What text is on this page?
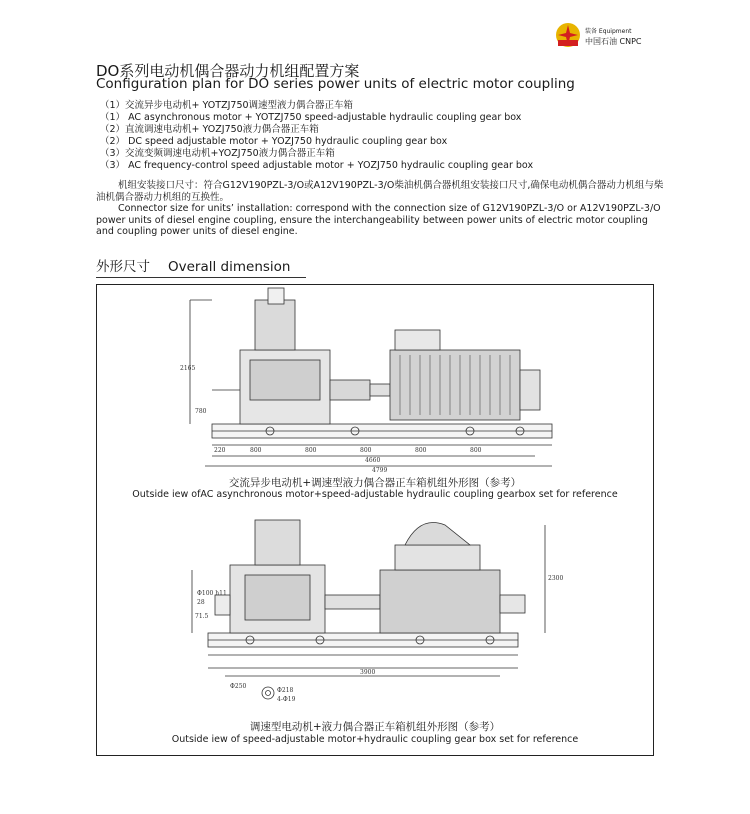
装备 Equipment
中国石油 CNPC
DO系列电动机偶合器动力机组配置方案
Configuration plan for DO series power units of electric motor coupling
（1）交流异步电动机+ YOTZJ750调速型液力偶合器正车箱
（1） AC asynchronous motor + YOTZJ750 speed-adjustable hydraulic coupling gear box
（2）直流调速电动机+ YOZJ750液力偶合器正车箱
（2） DC speed adjustable motor + YOZJ750 hydraulic coupling gear box
（3）交流变频调速电动机+YOZJ750液力偶合器正车箱
（3） AC frequency-control speed adjustable motor + YOZJ750 hydraulic coupling gear box

机组安装接口尺寸：符合G12V190PZL-3/O或A12V190PZL-3/O柴油机偶合器机组安装接口尺寸,确保电动机偶合器动力机组与柴油机偶合器动力机组的互换性。

Connector size for units’ installation: correspond with the connection size of G12V190PZL-3/O or A12V190PZL-3/O power units of diesel engine coupling, ensure the interchangeability between power units of electric motor coupling and coupling power units of diesel engine.

外形尺寸 Overall dimension
2165
780
220	800	800	800	800	800
4660
4799
2300
Φ100 h11
28
71.5
3900
Φ250
Φ218
4-Φ19
交流异步电动机+调速型液力偶合器正车箱机组外形图（参考）
Outside iew ofAC asynchronous motor+speed-adjustable hydraulic coupling gearbox set for reference
调速型电动机+液力偶合器正车箱机组外形图（参考）
Outside iew of speed-adjustable motor+hydraulic coupling gear box set for reference
